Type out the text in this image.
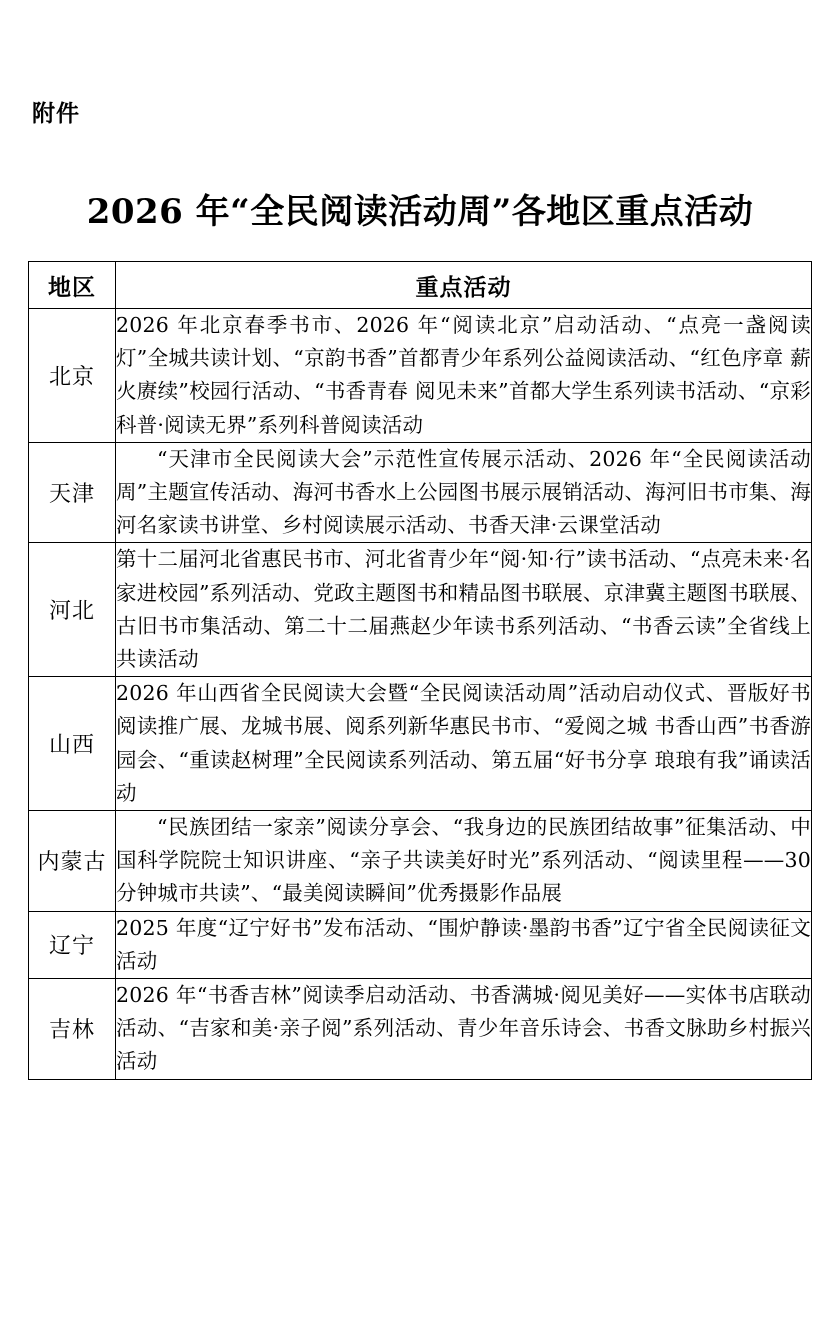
附件
2026 年“全民阅读活动周”各地区重点活动
地区	重点活动
北京	2026 年北京春季书市、2026 年“阅读北京”启动活动、“点亮一盏阅读灯”全城共读计划、“京韵书香”首都青少年系列公益阅读活动、“红色序章 薪火赓续”校园行活动、“书香青春 阅见未来”首都大学生系列读书活动、“京彩科普·阅读无界”系列科普阅读活动
天津	“天津市全民阅读大会”示范性宣传展示活动、2026 年“全民阅读活动周”主题宣传活动、海河书香水上公园图书展示展销活动、海河旧书市集、海河名家读书讲堂、乡村阅读展示活动、书香天津·云课堂活动
河北	第十二届河北省惠民书市、河北省青少年“阅·知·行”读书活动、“点亮未来·名家进校园”系列活动、党政主题图书和精品图书联展、京津冀主题图书联展、古旧书市集活动、第二十二届燕赵少年读书系列活动、“书香云读”全省线上共读活动
山西	2026 年山西省全民阅读大会暨“全民阅读活动周”活动启动仪式、晋版好书阅读推广展、龙城书展、阅系列新华惠民书市、“爱阅之城 书香山西”书香游园会、“重读赵树理”全民阅读系列活动、第五届“好书分享 琅琅有我”诵读活动
内蒙古	“民族团结一家亲”阅读分享会、“我身边的民族团结故事”征集活动、中国科学院院士知识讲座、“亲子共读美好时光”系列活动、“阅读里程——30 分钟城市共读”、“最美阅读瞬间”优秀摄影作品展
辽宁	2025 年度“辽宁好书”发布活动、“围炉静读·墨韵书香”辽宁省全民阅读征文活动
吉林	2026 年“书香吉林”阅读季启动活动、书香满城·阅见美好——实体书店联动活动、“吉家和美·亲子阅”系列活动、青少年音乐诗会、书香文脉助乡村振兴活动
